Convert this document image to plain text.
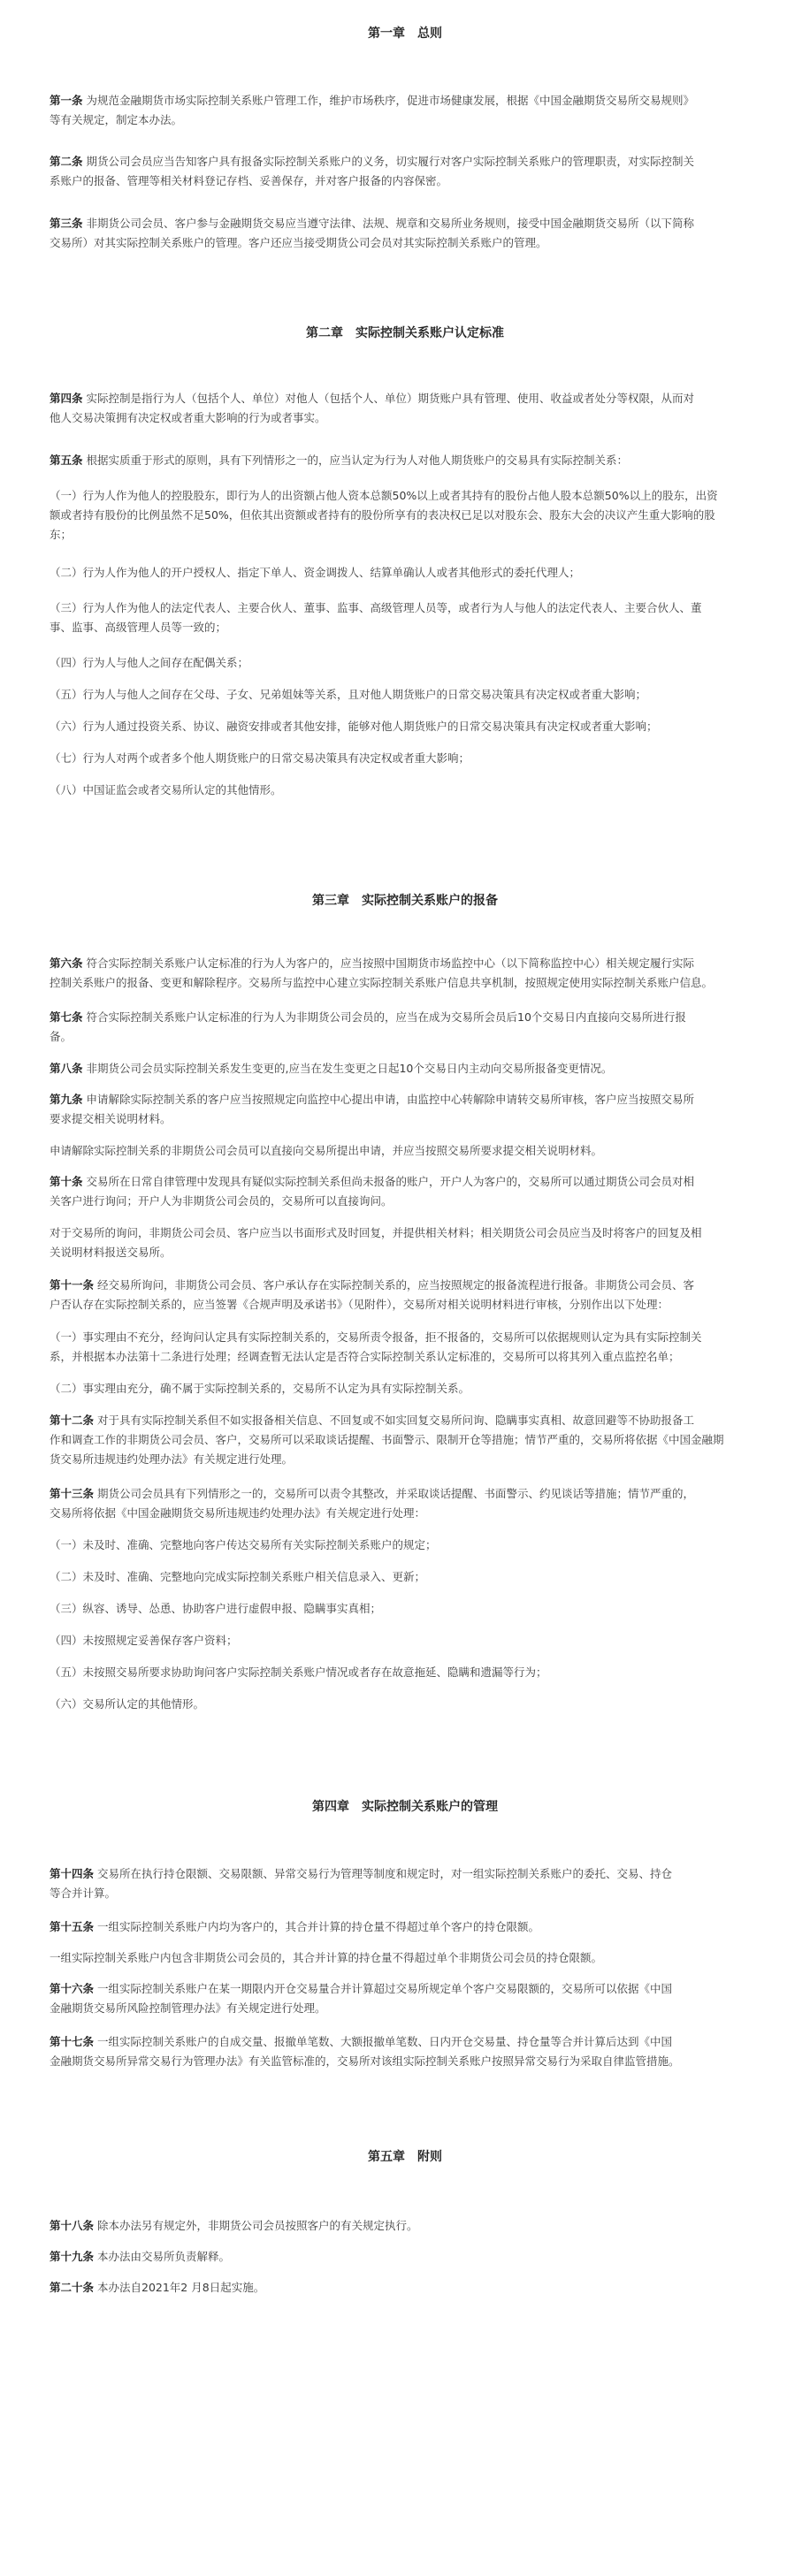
第一章　总则
第一条 为规范金融期货市场实际控制关系账户管理工作，维护市场秩序，促进市场健康发展，根据《中国金融期货交易所交易规则》
等有关规定，制定本办法。
第二条 期货公司会员应当告知客户具有报备实际控制关系账户的义务，切实履行对客户实际控制关系账户的管理职责，对实际控制关
系账户的报备、管理等相关材料登记存档、妥善保存，并对客户报备的内容保密。
第三条 非期货公司会员、客户参与金融期货交易应当遵守法律、法规、规章和交易所业务规则，接受中国金融期货交易所（以下简称
交易所）对其实际控制关系账户的管理。客户还应当接受期货公司会员对其实际控制关系账户的管理。
第二章　实际控制关系账户认定标准
第四条 实际控制是指行为人（包括个人、单位）对他人（包括个人、单位）期货账户具有管理、使用、收益或者处分等权限，从而对
他人交易决策拥有决定权或者重大影响的行为或者事实。
第五条 根据实质重于形式的原则，具有下列情形之一的，应当认定为行为人对他人期货账户的交易具有实际控制关系：
（一）行为人作为他人的控股股东，即行为人的出资额占他人资本总额50%以上或者其持有的股份占他人股本总额50%以上的股东，出资
额或者持有股份的比例虽然不足50%，但依其出资额或者持有的股份所享有的表决权已足以对股东会、股东大会的决议产生重大影响的股
东；
（二）行为人作为他人的开户授权人、指定下单人、资金调拨人、结算单确认人或者其他形式的委托代理人；
（三）行为人作为他人的法定代表人、主要合伙人、董事、监事、高级管理人员等，或者行为人与他人的法定代表人、主要合伙人、董
事、监事、高级管理人员等一致的；
（四）行为人与他人之间存在配偶关系；
（五）行为人与他人之间存在父母、子女、兄弟姐妹等关系，且对他人期货账户的日常交易决策具有决定权或者重大影响；
（六）行为人通过投资关系、协议、融资安排或者其他安排，能够对他人期货账户的日常交易决策具有决定权或者重大影响；
（七）行为人对两个或者多个他人期货账户的日常交易决策具有决定权或者重大影响；
（八）中国证监会或者交易所认定的其他情形。
第三章　实际控制关系账户的报备
第六条 符合实际控制关系账户认定标准的行为人为客户的，应当按照中国期货市场监控中心（以下简称监控中心）相关规定履行实际
控制关系账户的报备、变更和解除程序。交易所与监控中心建立实际控制关系账户信息共享机制，按照规定使用实际控制关系账户信息。
第七条 符合实际控制关系账户认定标准的行为人为非期货公司会员的，应当在成为交易所会员后10个交易日内直接向交易所进行报
备。
第八条 非期货公司会员实际控制关系发生变更的,应当在发生变更之日起10个交易日内主动向交易所报备变更情况。
第九条 申请解除实际控制关系的客户应当按照规定向监控中心提出申请，由监控中心转解除申请转交易所审核，客户应当按照交易所
要求提交相关说明材料。
申请解除实际控制关系的非期货公司会员可以直接向交易所提出申请，并应当按照交易所要求提交相关说明材料。
第十条 交易所在日常自律管理中发现具有疑似实际控制关系但尚未报备的账户，开户人为客户的，交易所可以通过期货公司会员对相
关客户进行询问；开户人为非期货公司会员的，交易所可以直接询问。
对于交易所的询问，非期货公司会员、客户应当以书面形式及时回复，并提供相关材料；相关期货公司会员应当及时将客户的回复及相
关说明材料报送交易所。
第十一条 经交易所询问，非期货公司会员、客户承认存在实际控制关系的，应当按照规定的报备流程进行报备。非期货公司会员、客
户否认存在实际控制关系的，应当签署《合规声明及承诺书》（见附件），交易所对相关说明材料进行审核，分别作出以下处理：
（一）事实理由不充分，经询问认定具有实际控制关系的，交易所责令报备，拒不报备的，交易所可以依据规则认定为具有实际控制关
系，并根据本办法第十二条进行处理；经调查暂无法认定是否符合实际控制关系认定标准的，交易所可以将其列入重点监控名单；
（二）事实理由充分，确不属于实际控制关系的，交易所不认定为具有实际控制关系。
第十二条 对于具有实际控制关系但不如实报备相关信息、不回复或不如实回复交易所问询、隐瞒事实真相、故意回避等不协助报备工
作和调查工作的非期货公司会员、客户，交易所可以采取谈话提醒、书面警示、限制开仓等措施；情节严重的，交易所将依据《中国金融期
货交易所违规违约处理办法》有关规定进行处理。
第十三条 期货公司会员具有下列情形之一的，交易所可以责令其整改，并采取谈话提醒、书面警示、约见谈话等措施；情节严重的，
交易所将依据《中国金融期货交易所违规违约处理办法》有关规定进行处理：
（一）未及时、准确、完整地向客户传达交易所有关实际控制关系账户的规定；
（二）未及时、准确、完整地向完成实际控制关系账户相关信息录入、更新；
（三）纵容、诱导、怂恿、协助客户进行虚假申报、隐瞒事实真相；
（四）未按照规定妥善保存客户资料；
（五）未按照交易所要求协助询问客户实际控制关系账户情况或者存在故意拖延、隐瞒和遗漏等行为；
（六）交易所认定的其他情形。
第四章　实际控制关系账户的管理
第十四条 交易所在执行持仓限额、交易限额、异常交易行为管理等制度和规定时，对一组实际控制关系账户的委托、交易、持仓
等合并计算。
第十五条 一组实际控制关系账户内均为客户的，其合并计算的持仓量不得超过单个客户的持仓限额。
一组实际控制关系账户内包含非期货公司会员的，其合并计算的持仓量不得超过单个非期货公司会员的持仓限额。
第十六条 一组实际控制关系账户在某一期限内开仓交易量合并计算超过交易所规定单个客户交易限额的，交易所可以依据《中国
金融期货交易所风险控制管理办法》有关规定进行处理。
第十七条 一组实际控制关系账户的自成交量、报撤单笔数、大额报撤单笔数、日内开仓交易量、持仓量等合并计算后达到《中国
金融期货交易所异常交易行为管理办法》有关监管标准的，交易所对该组实际控制关系账户按照异常交易行为采取自律监管措施。
第五章　附则
第十八条 除本办法另有规定外，非期货公司会员按照客户的有关规定执行。
第十九条 本办法由交易所负责解释。
第二十条 本办法自2021年2 月8日起实施。
